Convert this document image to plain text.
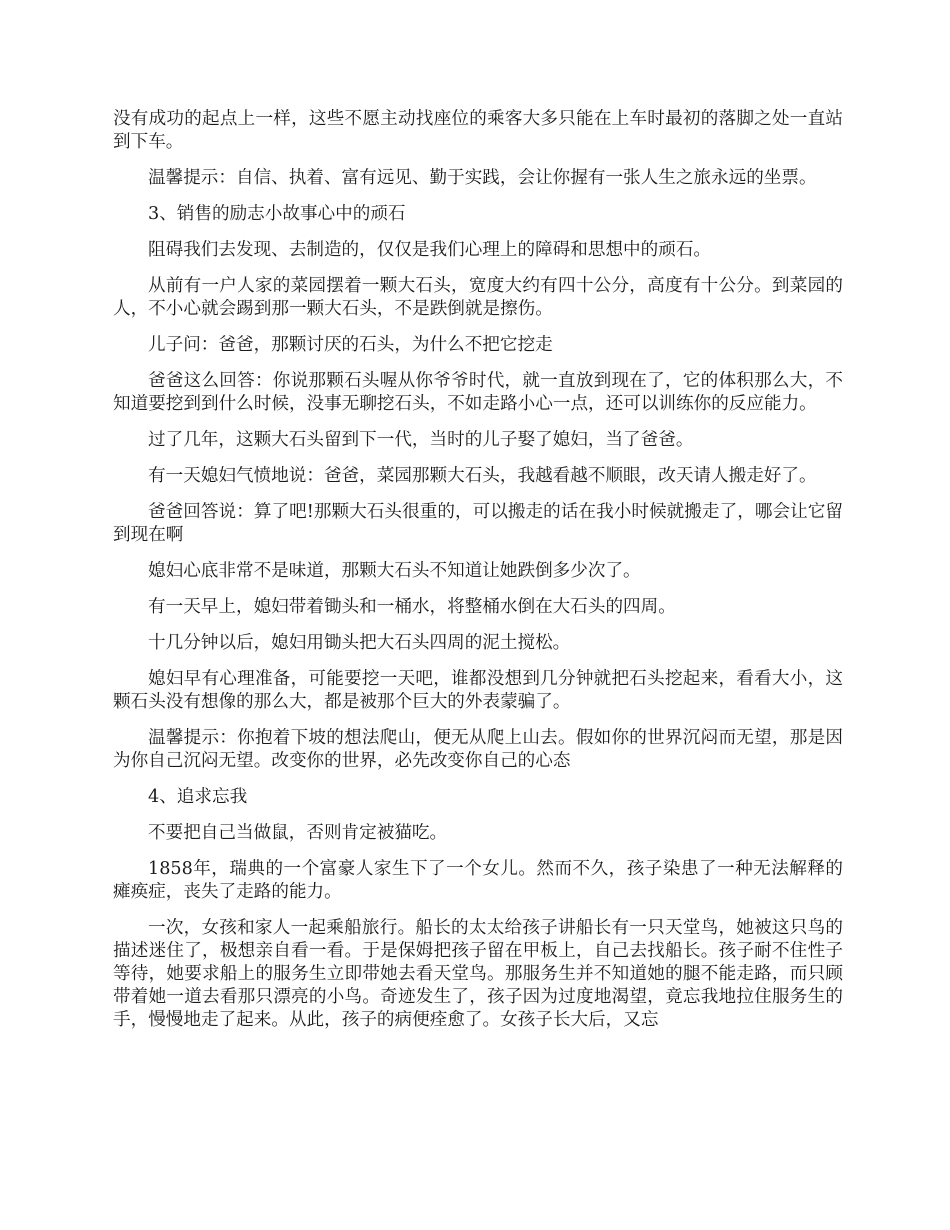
没有成功的起点上一样，这些不愿主动找座位的乘客大多只能在上车时最初的落脚之处一直站到下车。

温馨提示：自信、执着、富有远见、勤于实践，会让你握有一张人生之旅永远的坐票。

3、销售的励志小故事心中的顽石

阻碍我们去发现、去制造的，仅仅是我们心理上的障碍和思想中的顽石。

从前有一户人家的菜园摆着一颗大石头，宽度大约有四十公分，高度有十公分。到菜园的人，不小心就会踢到那一颗大石头，不是跌倒就是擦伤。

儿子问：爸爸，那颗讨厌的石头，为什么不把它挖走

爸爸这么回答：你说那颗石头喔从你爷爷时代，就一直放到现在了，它的体积那么大，不知道要挖到到什么时候，没事无聊挖石头，不如走路小心一点，还可以训练你的反应能力。

过了几年，这颗大石头留到下一代，当时的儿子娶了媳妇，当了爸爸。

有一天媳妇气愤地说：爸爸，菜园那颗大石头，我越看越不顺眼，改天请人搬走好了。

爸爸回答说：算了吧!那颗大石头很重的，可以搬走的话在我小时候就搬走了，哪会让它留到现在啊

媳妇心底非常不是味道，那颗大石头不知道让她跌倒多少次了。

有一天早上，媳妇带着锄头和一桶水，将整桶水倒在大石头的四周。

十几分钟以后，媳妇用锄头把大石头四周的泥土搅松。

媳妇早有心理准备，可能要挖一天吧，谁都没想到几分钟就把石头挖起来，看看大小，这颗石头没有想像的那么大，都是被那个巨大的外表蒙骗了。

温馨提示：你抱着下坡的想法爬山，便无从爬上山去。假如你的世界沉闷而无望，那是因为你自己沉闷无望。改变你的世界，必先改变你自己的心态

4、追求忘我

不要把自己当做鼠，否则肯定被猫吃。

1858年，瑞典的一个富豪人家生下了一个女儿。然而不久，孩子染患了一种无法解释的瘫痪症，丧失了走路的能力。

一次，女孩和家人一起乘船旅行。船长的太太给孩子讲船长有一只天堂鸟，她被这只鸟的描述迷住了，极想亲自看一看。于是保姆把孩子留在甲板上，自己去找船长。孩子耐不住性子等待，她要求船上的服务生立即带她去看天堂鸟。那服务生并不知道她的腿不能走路，而只顾带着她一道去看那只漂亮的小鸟。奇迹发生了，孩子因为过度地渴望，竟忘我地拉住服务生的手，慢慢地走了起来。从此，孩子的病便痊愈了。女孩子长大后，又忘
